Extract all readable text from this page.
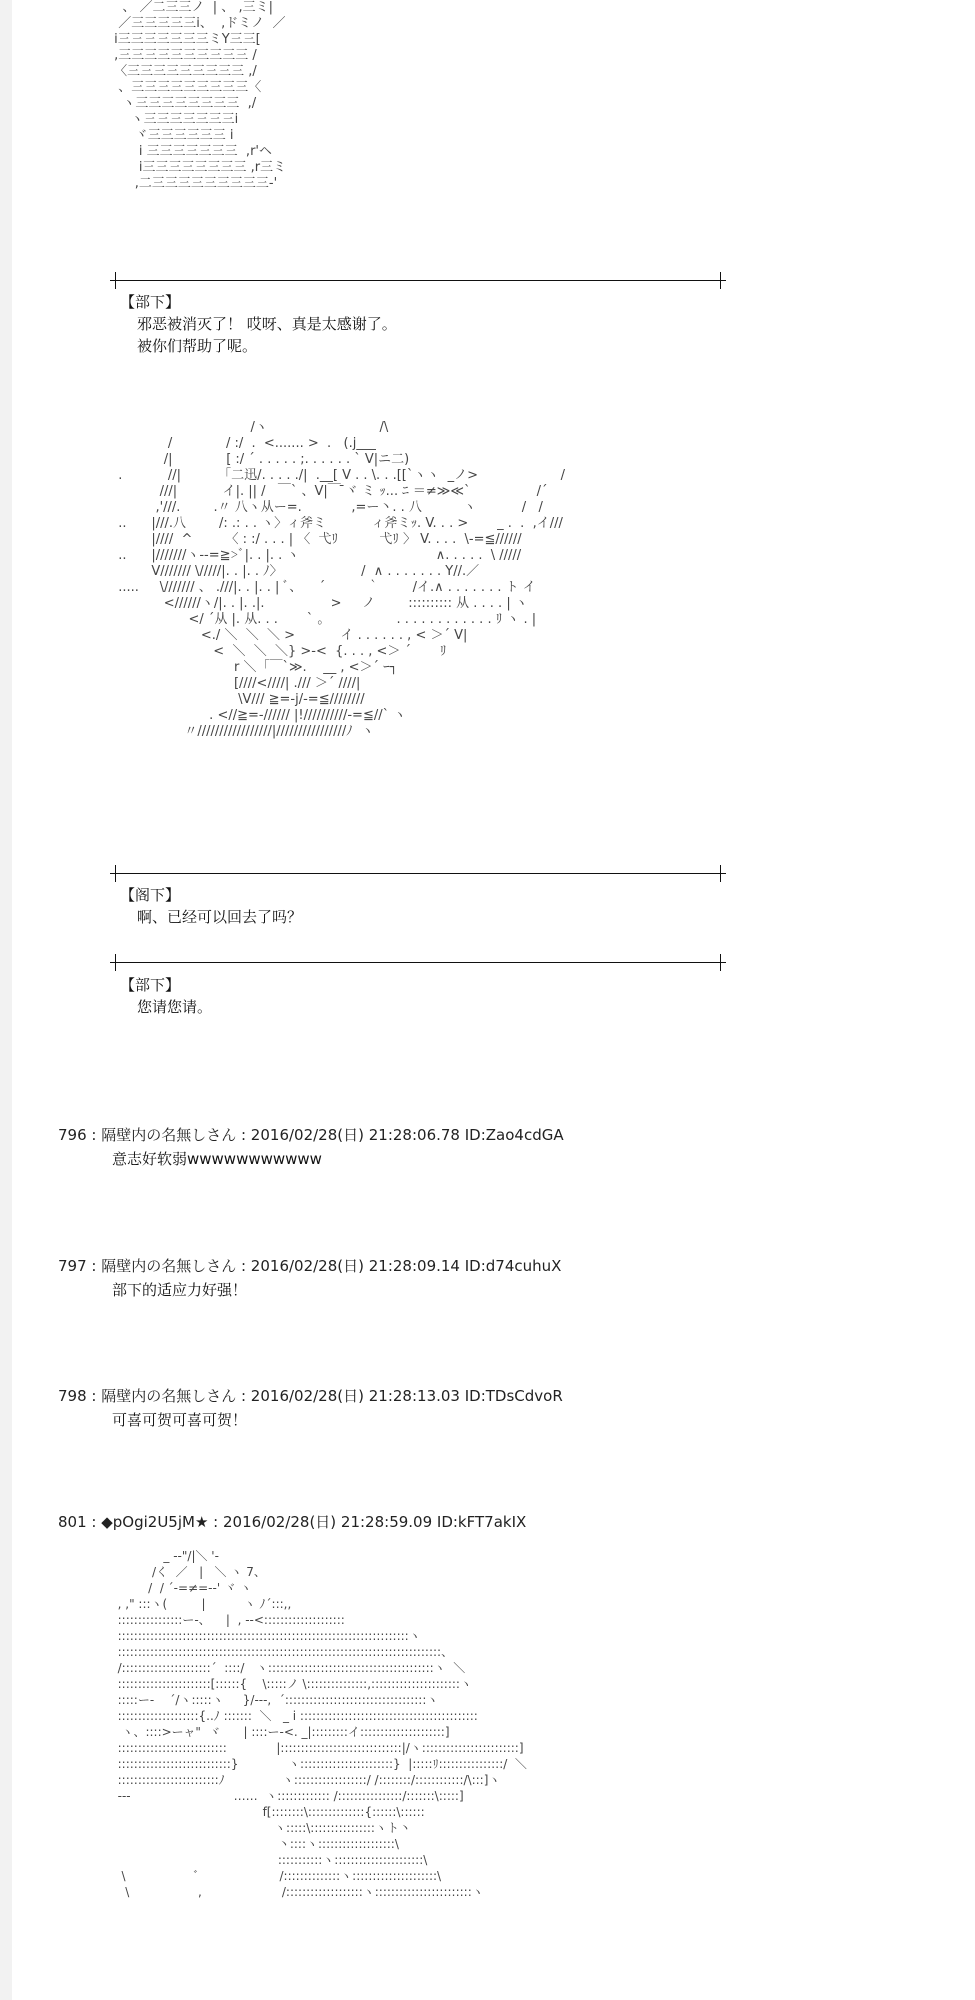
、 ／二三三ノ  | 、 ,三ミ|
／三三三三三i、  ,ドミノ  ／
i三三三三三三三ミY三三[
,三三三三三三三三三三 /
〈三三三三三三三三三 ,/
、三三三三三三三三三〈
ヽ三三三三三三三三  ,/
ヽ三三三三三三三i
ヾ三三三三三三 i
i 三三三三三三三  ,r'ヘ
i三三三三三三三三 ,r三ミ
,二三三三三三三三三三-'
【部下】
邪恶被消灭了！ 哎呀、真是太感谢了。
被你们帮助了呢。
/ヽ                           /\
/             / :/  .  <....... >  .   (.j___
/|             [ :/ ´ . . . . . ;. . . . . . ` V|ニ二)
.           //|         「二迅/. . . . ./|  .__[ V . . \. . .[[`ヽヽ  _ノ>                    /
///|           イ|. || /   ￣` 、V|￣ ̄ヾ ミ ｯ... ﾆ ＝≠≫≪`                /´
,'///.        .〃 八ヽ从ー=.            ,=ー丶. . 八          ヽ           /   /
..      |///.八        /: .: . . ヽ〉ィ斧ミ           ィ斧ミｯ. V. . . >       _ .  .  ,イ///
|////  ^        〈 : :/ . . . | 〈  弋ﾘ          弋ﾘ 〉 V. . . .  \-=≦//////
..      |///////ヽ--=≧>ﾞ|. . |. . ヽ                                 ∧. . . . .  \ /////
V/////// \/////|. . |. . ﾉ〉                   /  ∧ . . . . . . . Y//.／
.....     \/////// 、 .///|. . |. . | ﾞ、    ´          ｀        /イ.∧ . . . . . . . ト イ
<//////ヽ/|. . |. .|.                >     ノ        :::::::::: 从 . . . . | ヽ
</ ´从 |. 从. . .       ` 。                . . . . . . . . . . . . ﾘ ヽ . |
<./ ＼  ＼  ＼ >           イ . . . . . . , < ＞´ V|
<  ＼  ＼  ＼} >-<  {. . . , <＞ ´       ﾘ
r ＼「￣`≫.    __ , <＞´ ｰ┐
[////<////| ./// ＞´ ////|
\V/// ≧=-j/-=≦////////
. <//≧=-////// |!//////////-=≦//` ヽ
〃/////////////////|////////////////ﾉ  ヽ
【阁下】
啊、已经可以回去了吗？
【部下】
您请您请。
796 : 隔壁内の名無しさん : 2016/02/28(日) 21:28:06.78 ID:Zao4cdGA
意志好软弱wwwwwwwwwww
797 : 隔壁内の名無しさん : 2016/02/28(日) 21:28:09.14 ID:d74cuhuX
部下的适应力好强！
798 : 隔壁内の名無しさん : 2016/02/28(日) 21:28:13.03 ID:TDsCdvoR
可喜可贺可喜可贺！
801 : ◆pOgi2U5jM★ : 2016/02/28(日) 21:28:59.09 ID:kFT7akIX
_ -‐"/|＼ '-
/く  ／   |   ＼ ヽ 7、
/  / ´‐=≠=-‐' ヾ ヽ
, ," :::ヽ(         |          ヽ ﾉ´:::,,
::::::::::::::::ー-、    |  , --<::::::::::::::::::::
::::::::::::::::::::::::::::::::::::::::::::::::::::::::::::::::::::::::ヽ
::::::::::::::::::::::::::::::::::::::::::::::::::::::::::::::::::::::::::::::::、
/::::::::::::::::::::::´  ::::/   ヽ:::::::::::::::::::::::::::::::::::::::::ヽ  ＼
:::::::::::::::::::::::[::::::{    \:::::ノ \:::::::::::::::,::::::::::::::::::::::ヽ
:::::ー-    ´/ヽ:::::ヽ     }/---,  ´:::::::::::::::::::::::::::::::::::ヽ
::::::::::::::::::::{..ﾉ :::::::  ＼   _ i ::::::::::::::::::::::::::::::::::::::::::::
ヽ、::::>ーャ"  ヾ      | ::::ー-<. _|:::::::::イ:::::::::::::::::::::]
:::::::::::::::::::::::::::             |::::::::::::::::::::::::::::::|/ヽ::::::::::::::::::::::::]
::::::::::::::::::::::::::::}             ヽ:::::::::::::::::::::::}  |:::::ﾘ::::::::::::::::/  ＼
:::::::::::::::::::::::::ﾉ               ヽ::::::::::::::::::/ /::::::::/::::::::::::/\:::]ヽ
---                           ……  ヽ::::::::::::: /::::::::::::::::/:::::::\:::::]
f[::::::::\::::::::::::::{::::::\::::::
ヽ:::::\::::::::::::::::ヽト丶
丶::::ヽ:::::::::::::::::::\
:::::::::::ヽ::::::::::::::::::::::\
\                  ﾞ                     /::::::::::::::ヽ:::::::::::::::::::::\
\                  ,                     /:::::::::::::::::::ヽ::::::::::::::::::::::::ヽ
